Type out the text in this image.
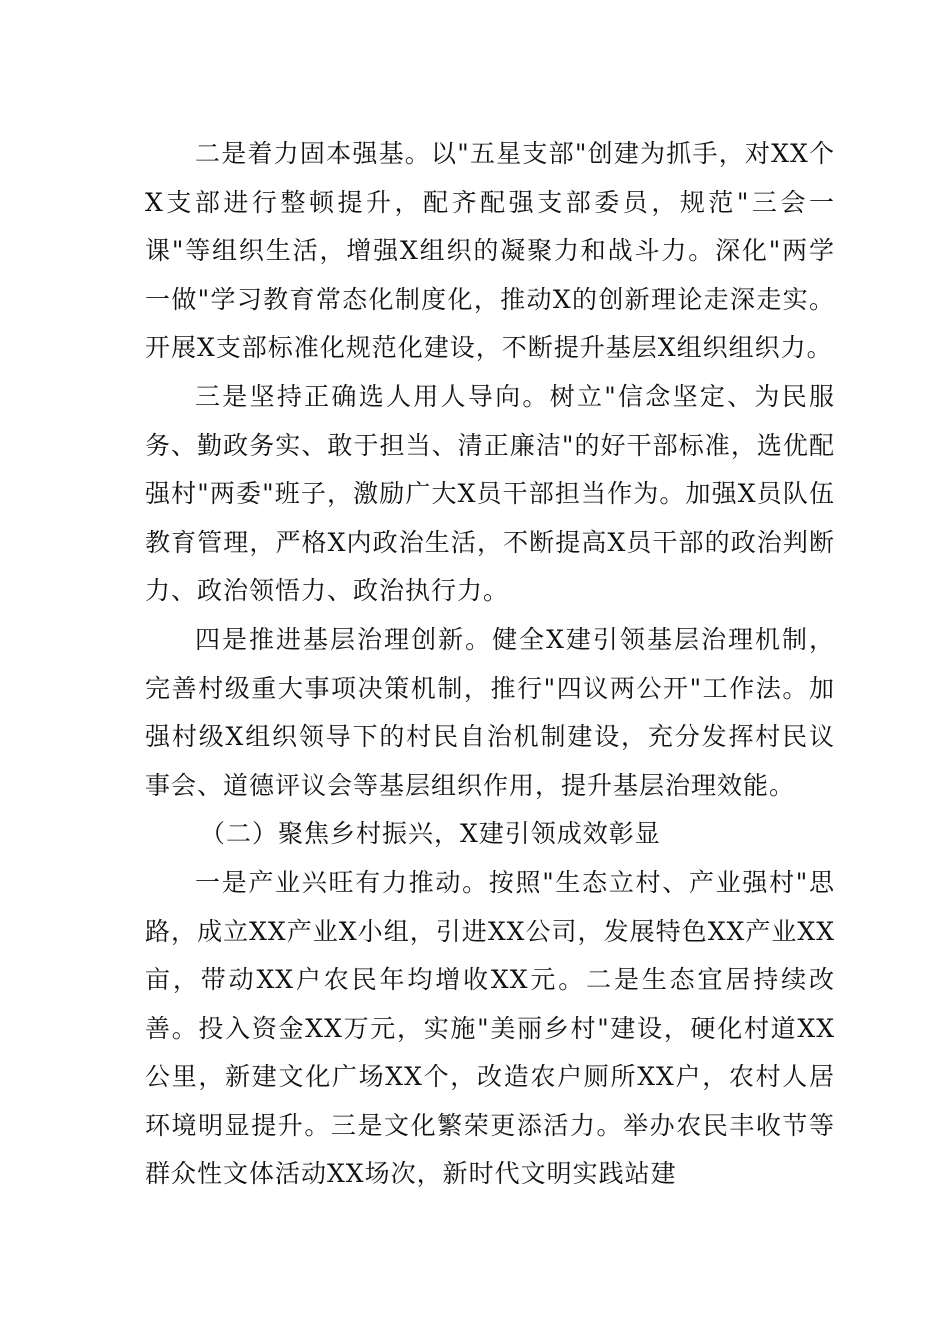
二是着力固本强基。以"五星支部"创建为抓手，对XX个X支部进行整顿提升，配齐配强支部委员，规范"三会一课"等组织生活，增强X组织的凝聚力和战斗力。深化"两学一做"学习教育常态化制度化，推动X的创新理论走深走实。开展X支部标准化规范化建设，不断提升基层X组织组织力。

三是坚持正确选人用人导向。树立"信念坚定、为民服务、勤政务实、敢于担当、清正廉洁"的好干部标准，选优配强村"两委"班子，激励广大X员干部担当作为。加强X员队伍教育管理，严格X内政治生活，不断提高X员干部的政治判断力、政治领悟力、政治执行力。

四是推进基层治理创新。健全X建引领基层治理机制，完善村级重大事项决策机制，推行"四议两公开"工作法。加强村级X组织领导下的村民自治机制建设，充分发挥村民议事会、道德评议会等基层组织作用，提升基层治理效能。

（二）聚焦乡村振兴，X建引领成效彰显

一是产业兴旺有力推动。按照"生态立村、产业强村"思路，成立XX产业X小组，引进XX公司，发展特色XX产业XX亩，带动XX户农民年均增收XX元。二是生态宜居持续改善。投入资金XX万元，实施"美丽乡村"建设，硬化村道XX公里，新建文化广场XX个，改造农户厕所XX户，农村人居环境明显提升。三是文化繁荣更添活力。举办农民丰收节等群众性文体活动XX场次，新时代文明实践站建
